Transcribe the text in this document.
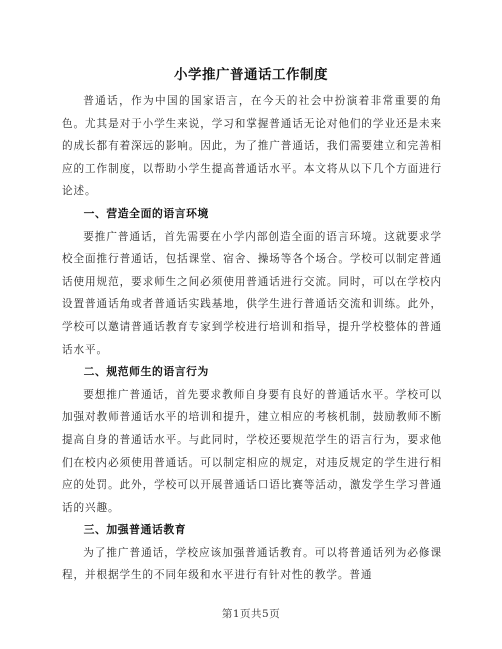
小学推广普通话工作制度

普通话，作为中国的国家语言，在今天的社会中扮演着非常重要的角色。尤其是对于小学生来说，学习和掌握普通话无论对他们的学业还是未来的成长都有着深远的影响。因此，为了推广普通话，我们需要建立和完善相应的工作制度，以帮助小学生提高普通话水平。本文将从以下几个方面进行论述。

一、营造全面的语言环境

要推广普通话，首先需要在小学内部创造全面的语言环境。这就要求学校全面推行普通话，包括课堂、宿舍、操场等各个场合。学校可以制定普通话使用规范，要求师生之间必须使用普通话进行交流。同时，可以在学校内设置普通话角或者普通话实践基地，供学生进行普通话交流和训练。此外，学校可以邀请普通话教育专家到学校进行培训和指导，提升学校整体的普通话水平。

二、规范师生的语言行为

要想推广普通话，首先要求教师自身要有良好的普通话水平。学校可以加强对教师普通话水平的培训和提升，建立相应的考核机制，鼓励教师不断提高自身的普通话水平。与此同时，学校还要规范学生的语言行为，要求他们在校内必须使用普通话。可以制定相应的规定，对违反规定的学生进行相应的处罚。此外，学校可以开展普通话口语比赛等活动，激发学生学习普通话的兴趣。

三、加强普通话教育

为了推广普通话，学校应该加强普通话教育。可以将普通话列为必修课程，并根据学生的不同年级和水平进行有针对性的教学。普通

第1页共5页
